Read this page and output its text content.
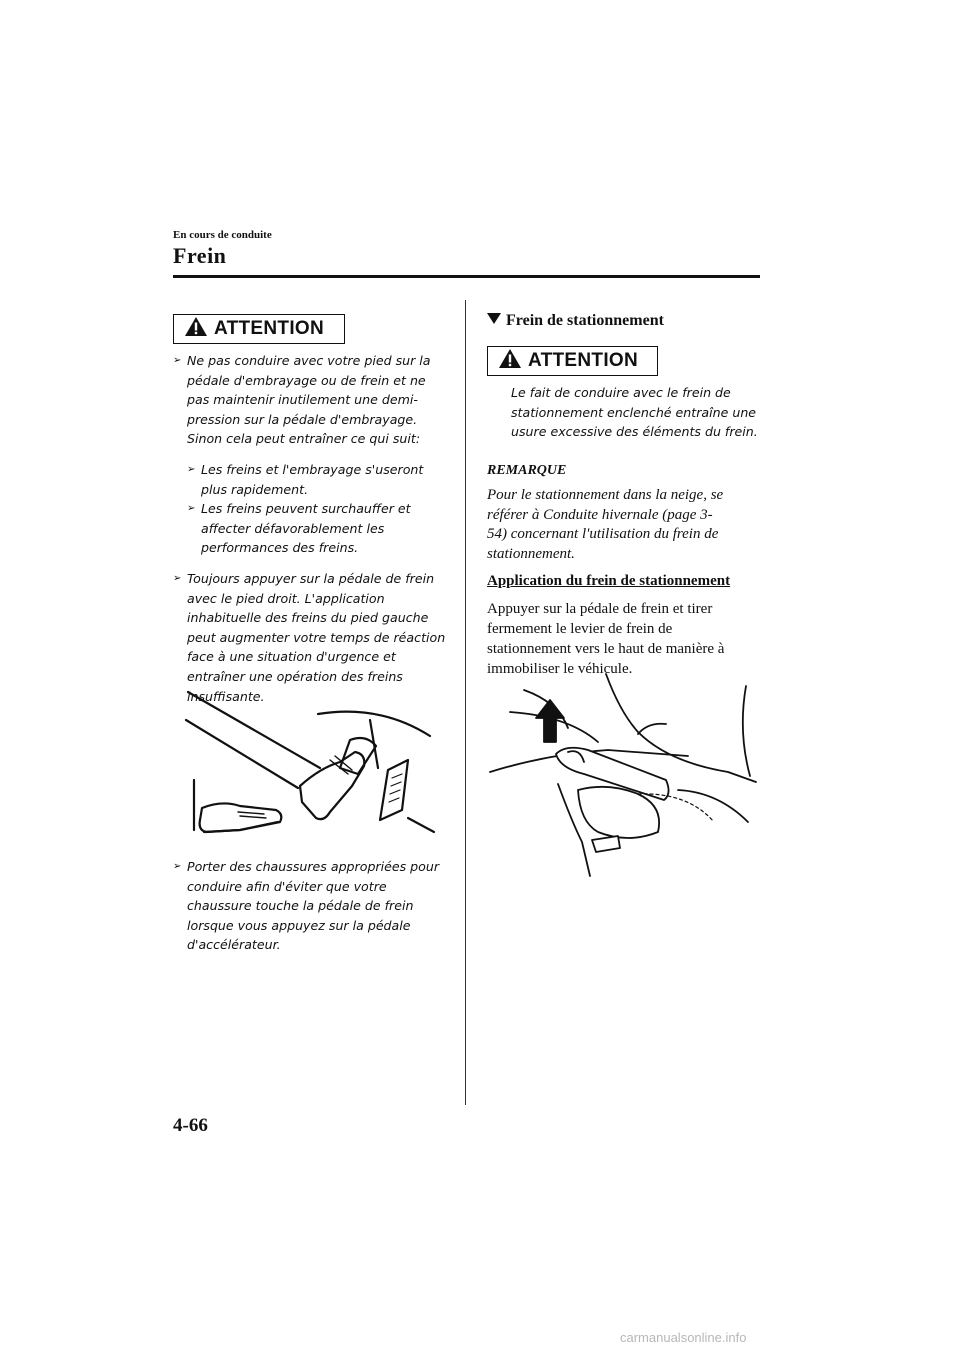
En cours de conduite
Frein
ATTENTION
➢ Ne pas conduire avec votre pied sur la pédale d'embrayage ou de frein et ne pas maintenir inutilement une demi-pression sur la pédale d'embrayage. Sinon cela peut entraîner ce qui suit:
➢ Les freins et l'embrayage s'useront plus rapidement.
➢ Les freins peuvent surchauffer et affecter défavorablement les performances des freins.
➢ Toujours appuyer sur la pédale de frein avec le pied droit. L'application inhabituelle des freins du pied gauche peut augmenter votre temps de réaction face à une situation d'urgence et entraîner une opération des freins insuffisante.
➢ Porter des chaussures appropriées pour conduire afin d'éviter que votre chaussure touche la pédale de frein lorsque vous appuyez sur la pédale d'accélérateur.
Frein de stationnement
ATTENTION
Le fait de conduire avec le frein de stationnement enclenché entraîne une usure excessive des éléments du frein.
REMARQUE
Pour le stationnement dans la neige, se référer à Conduite hivernale (page 3-54) concernant l'utilisation du frein de stationnement.
Application du frein de stationnement
Appuyer sur la pédale de frein et tirer fermement le levier de frein de stationnement vers le haut de manière à immobiliser le véhicule.
4-66
carmanualsonline.info
